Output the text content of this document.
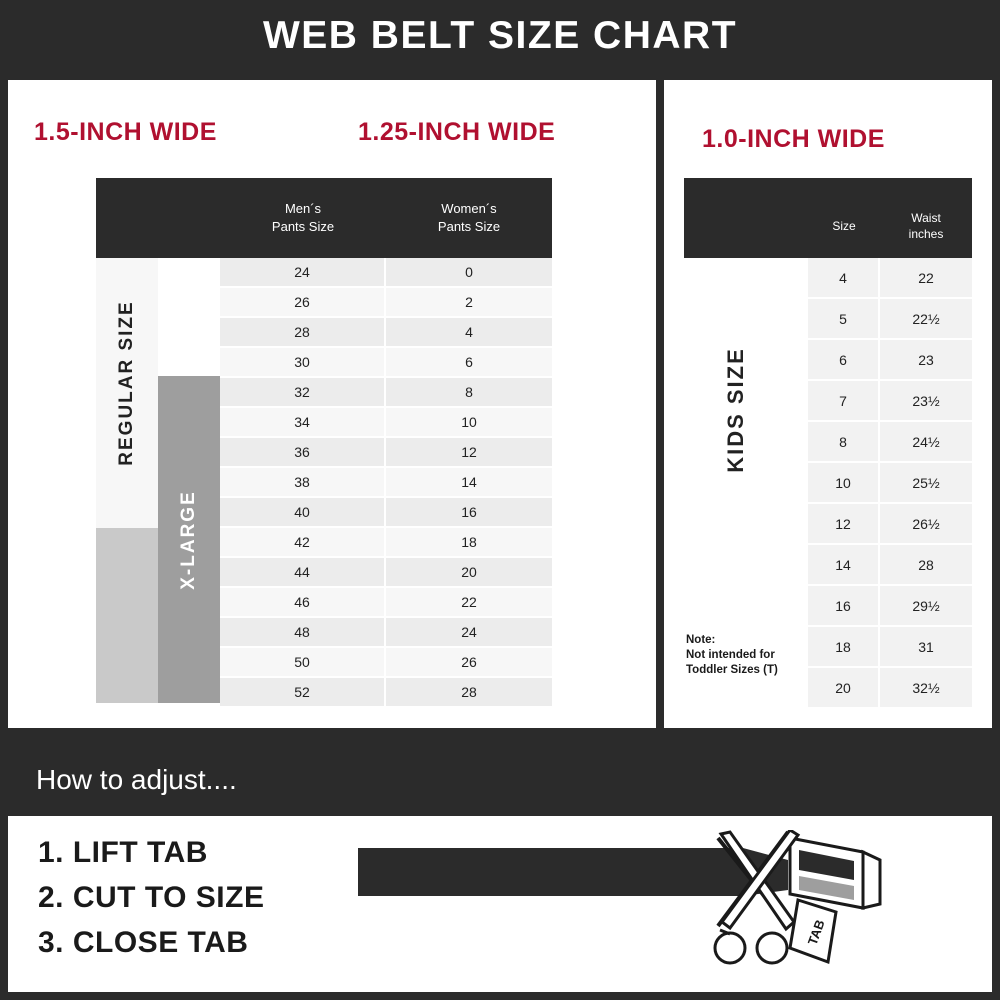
WEB BELT SIZE CHART
1.5-INCH WIDE	1.25-INCH WIDE
REGULAR SIZE
X-LARGE
Men´s
Pants Size
Women´s
Pants Size
24	0
26	2
28	4
30	6
32	8
34	10
36	12
38	14
40	16
42	18
44	20
46	22
48	24
50	26
52	28
1.0-INCH WIDE
KIDS SIZE
Note:
Not intended for
Toddler Sizes (T)
Size
Waist
inches
4	22
5	22½
6	23
7	23½
8	24½
10	25½
12	26½
14	28
16	29½
18	31
20	32½
How to adjust....
1. LIFT TAB
2. CUT TO SIZE
3. CLOSE TAB	TAB
